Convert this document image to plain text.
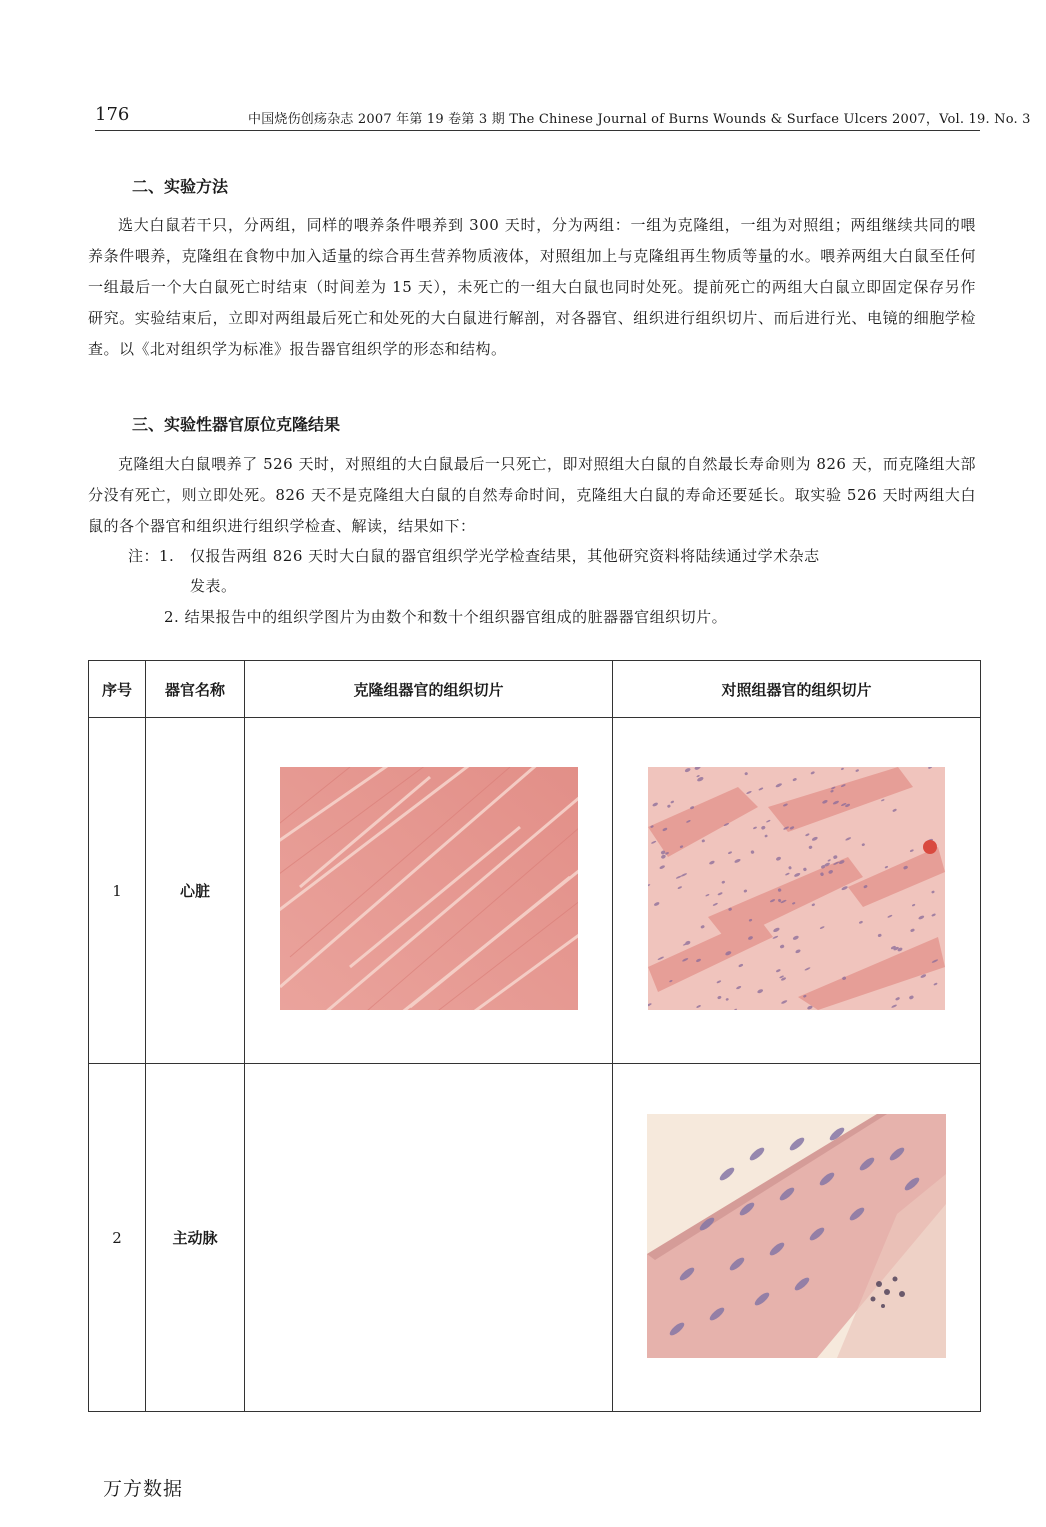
176	中国烧伤创疡杂志 2007 年第 19 卷第 3 期 The Chinese Journal of Burns Wounds & Surface Ulcers 2007，Vol. 19. No. 3
二、实验方法

选大白鼠若干只，分两组，同样的喂养条件喂养到 300 天时，分为两组：一组为克隆组，一组为对照组；两组继续共同的喂养条件喂养，克隆组在食物中加入适量的综合再生营养物质液体，对照组加上与克隆组再生物质等量的水。喂养两组大白鼠至任何一组最后一个大白鼠死亡时结束（时间差为 15 天），未死亡的一组大白鼠也同时处死。提前死亡的两组大白鼠立即固定保存另作研究。实验结束后，立即对两组最后死亡和处死的大白鼠进行解剖，对各器官、组织进行组织切片、而后进行光、电镜的细胞学检查。以《北对组织学为标准》报告器官组织学的形态和结构。

三、实验性器官原位克隆结果

克隆组大白鼠喂养了 526 天时，对照组的大白鼠最后一只死亡，即对照组大白鼠的自然最长寿命则为 826 天，而克隆组大部分没有死亡，则立即处死。826 天不是克隆组大白鼠的自然寿命时间，克隆组大白鼠的寿命还要延长。取实验 526 天时两组大白鼠的各个器官和组织进行组织学检查、解读，结果如下：

注：1. 仅报告两组 826 天时大白鼠的器官组织学光学检查结果，其他研究资料将陆续通过学术杂志
发表。
2. 结果报告中的组织学图片为由数个和数十个组织器官组成的脏器器官组织切片。
序号	器官名称	克隆组器官的组织切片	对照组器官的组织切片
1	心脏	

2	主动脉		
万方数据
